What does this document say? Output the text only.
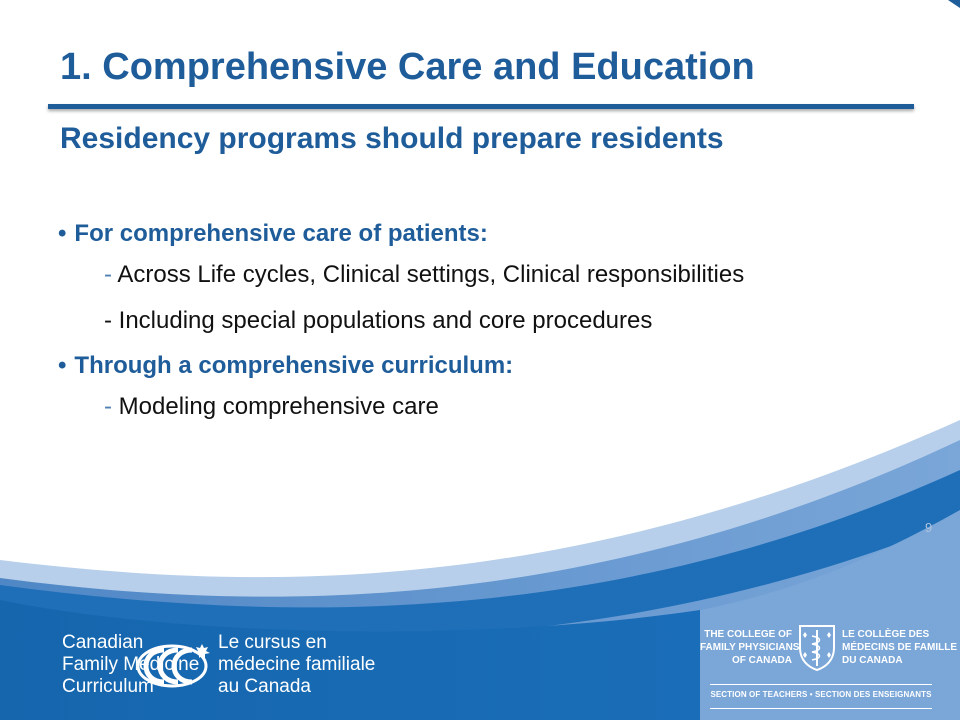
1. Comprehensive Care and Education
Residency programs should prepare residents
• For comprehensive care of patients:
- Across Life cycles, Clinical settings, Clinical responsibilities
- Including special populations and core procedures
• Through a comprehensive curriculum:
- Modeling comprehensive care
9
Canadian
Family Medicine
Curriculum
Le cursus en
médecine familiale
au Canada
THE COLLEGE OF
FAMILY PHYSICIANS
OF CANADA
LE COLLÈGE DES
MÉDECINS DE FAMILLE
DU CANADA
SECTION OF TEACHERS • SECTION DES ENSEIGNANTS
